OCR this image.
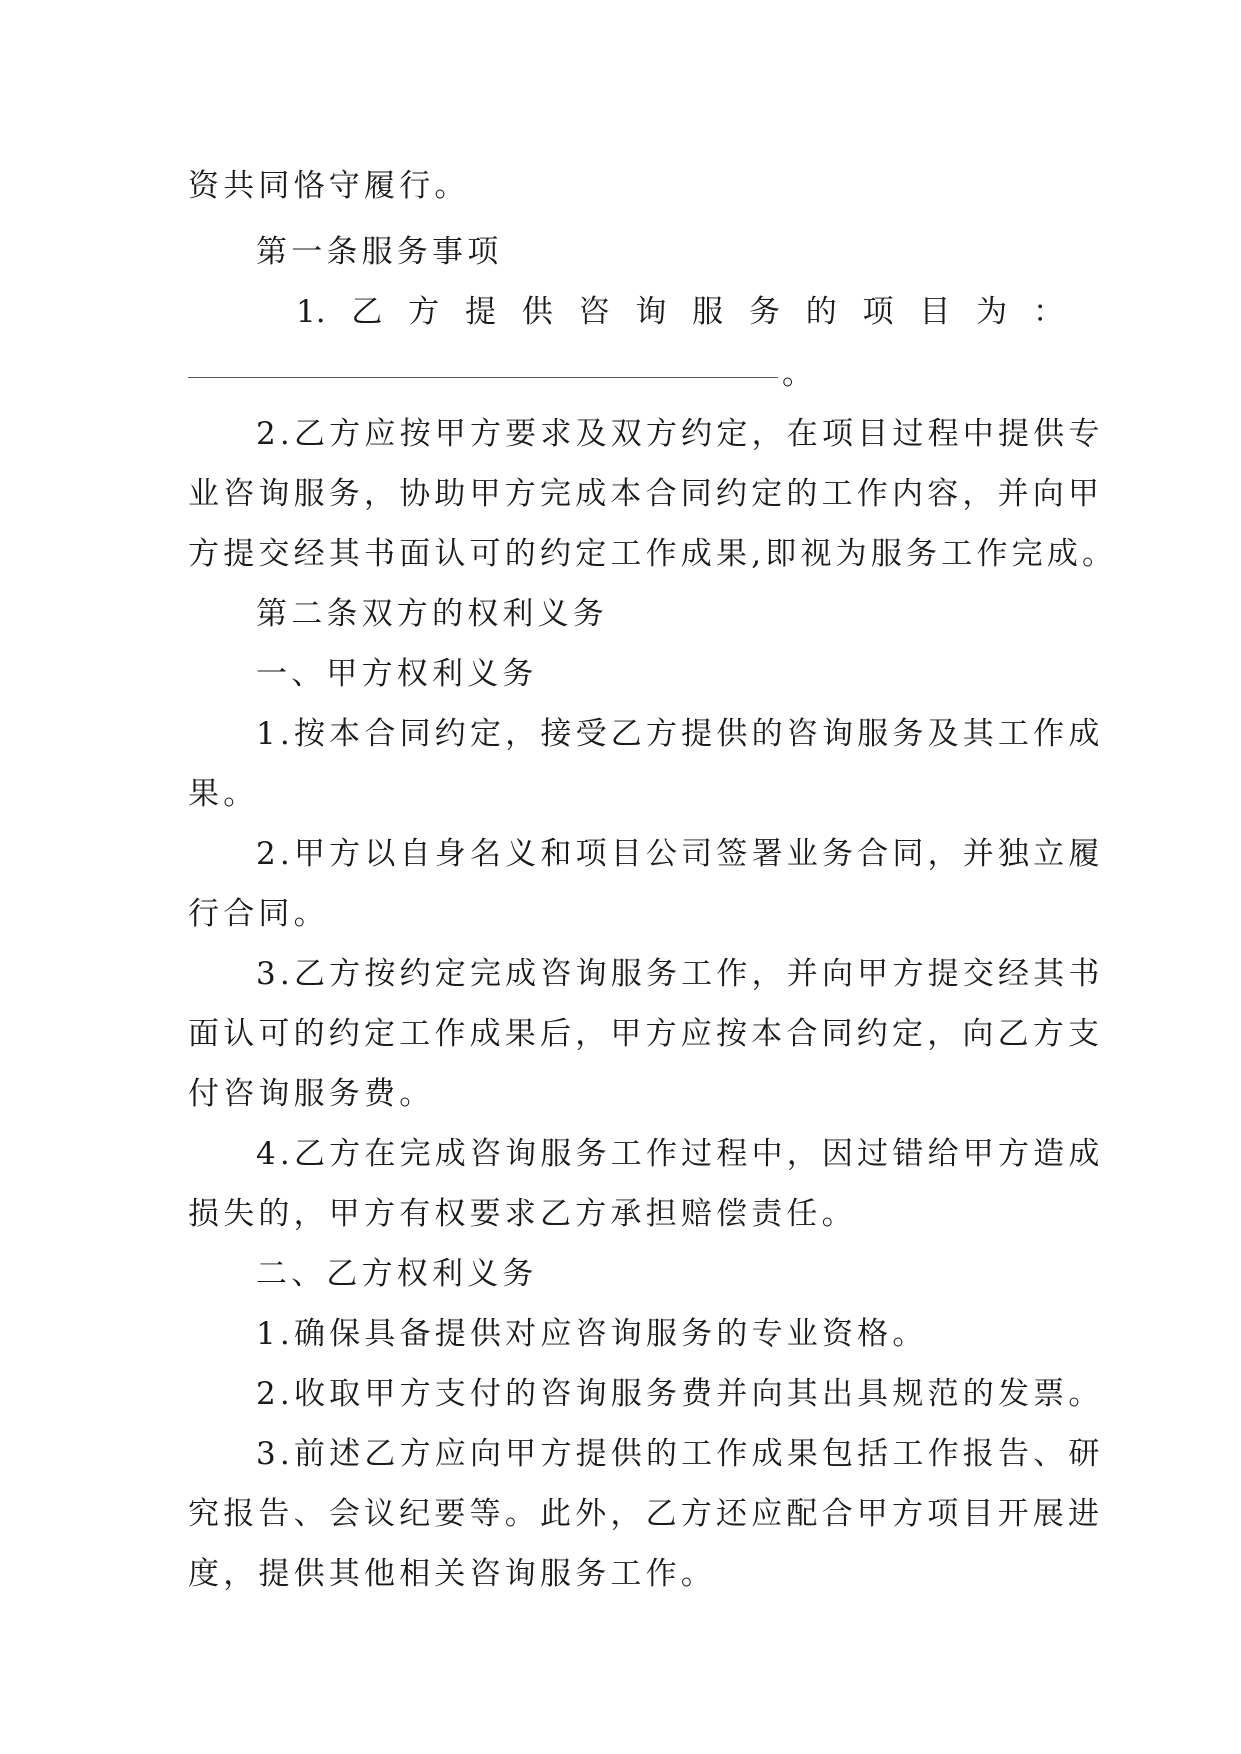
资共同恪守履行。
第一条服务事项
1. 乙 方 提 供 咨 询 服 务 的 项 目 为 ：
。
2.乙方应按甲方要求及双方约定，在项目过程中提供专
业咨询服务，协助甲方完成本合同约定的工作内容，并向甲
方提交经其书面认可的约定工作成果,即视为服务工作完成。
第二条双方的权利义务
一、甲方权利义务
1.按本合同约定，接受乙方提供的咨询服务及其工作成
果。
2.甲方以自身名义和项目公司签署业务合同，并独立履
行合同。
3.乙方按约定完成咨询服务工作，并向甲方提交经其书
面认可的约定工作成果后，甲方应按本合同约定，向乙方支
付咨询服务费。
4.乙方在完成咨询服务工作过程中，因过错给甲方造成
损失的，甲方有权要求乙方承担赔偿责任。
二、乙方权利义务
1.确保具备提供对应咨询服务的专业资格。
2.收取甲方支付的咨询服务费并向其出具规范的发票。
3.前述乙方应向甲方提供的工作成果包括工作报告、研
究报告、会议纪要等。此外，乙方还应配合甲方项目开展进
度，提供其他相关咨询服务工作。
